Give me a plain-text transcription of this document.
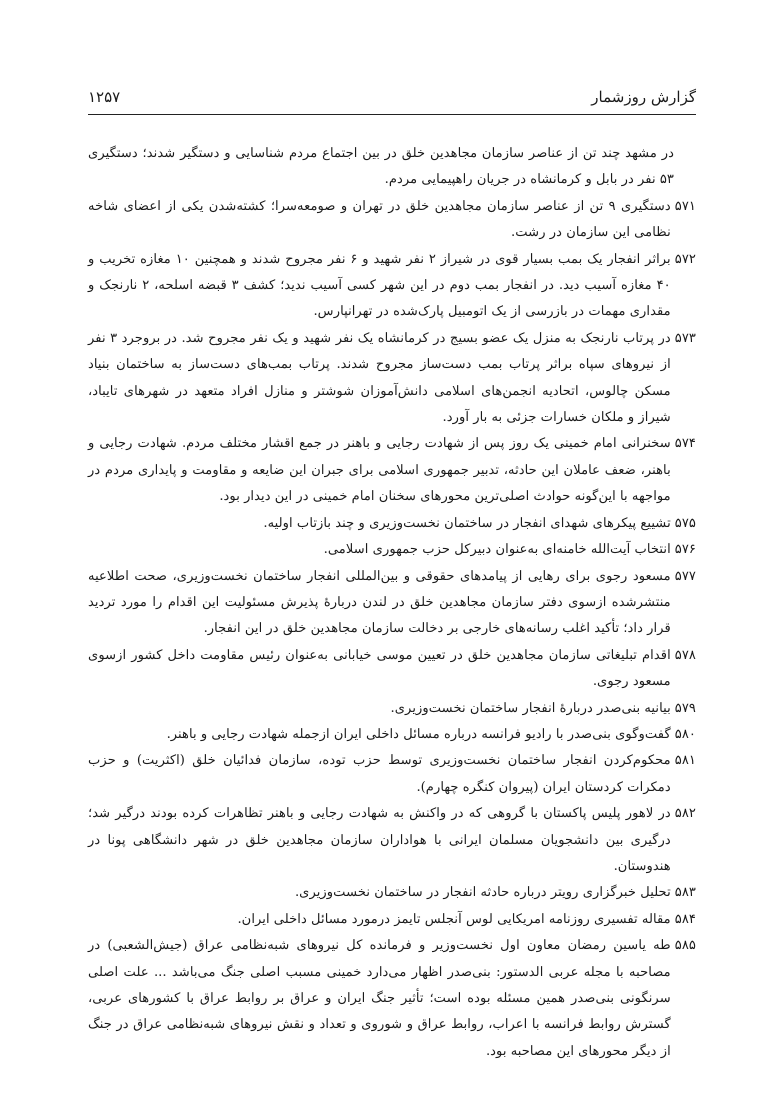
گزارش روزشمار
۱۲۵۷
در مشهد چند تن از عناصر سازمان مجاهدین خلق در بین اجتماع مردم شناسایی و دستگیر شدند؛ دستگیری ۵۳ نفر در بابل و کرمانشاه در جریان راهپیمایی مردم.
۵۷۱
دستگیری ۹ تن از عناصر سازمان مجاهدین خلق در تهران و صومعه‌سرا؛ کشته‌شدن یکی از اعضای شاخه نظامی این سازمان در رشت.
۵۷۲
براثر انفجار یک بمب بسیار قوی در شیراز ۲ نفر شهید و ۶ نفر مجروح شدند و همچنین ۱۰ مغازه تخریب و ۴۰ مغازه آسیب دید. در انفجار بمب دوم در این شهر کسی آسیب ندید؛ کشف ۳ قبضه اسلحه، ۲ نارنجک و مقداری مهمات در بازرسی از یک اتومبیل پارک‌شده در تهرانپارس.
۵۷۳
در پرتاب نارنجک به منزل یک عضو بسیج در کرمانشاه یک نفر شهید و یک نفر مجروح شد. در بروجرد ۳ نفر از نیروهای سپاه براثر پرتاب بمب دست‌ساز مجروح شدند. پرتاب بمب‌های دست‌ساز به ساختمان بنیاد مسکن چالوس، اتحادیه انجمن‌های اسلامی دانش‌آموزان شوشتر و منازل افراد متعهد در شهرهای تایباد، شیراز و ملکان خسارات جزئی به بار آورد.
۵۷۴
سخنرانی امام خمینی یک روز پس از شهادت رجایی و باهنر در جمع اقشار مختلف مردم. شهادت رجایی و باهنر، ضعف عاملان این حادثه، تدبیر جمهوری اسلامی برای جبران این ضایعه و مقاومت و پایداری مردم در مواجهه با این‌گونه حوادث اصلی‌ترین محورهای سخنان امام خمینی در این دیدار بود.
۵۷۵
تشییع پیکرهای شهدای انفجار در ساختمان نخست‌وزیری و چند بازتاب اولیه.
۵۷۶
انتخاب آیت‌الله خامنه‌ای به‌عنوان دبیرکل حزب جمهوری اسلامی.
۵۷۷
مسعود رجوی برای رهایی از پیامدهای حقوقی و بین‌المللی انفجار ساختمان نخست‌وزیری، صحت اطلاعیه منتشرشده ازسوی دفتر سازمان مجاهدین خلق در لندن دربارهٔ پذیرش مسئولیت این اقدام را مورد تردید قرار داد؛ تأکید اغلب رسانه‌های خارجی بر دخالت سازمان مجاهدین خلق در این انفجار.
۵۷۸
اقدام تبلیغاتی سازمان مجاهدین خلق در تعیین موسی خیابانی به‌عنوان رئیس مقاومت داخل کشور ازسوی مسعود رجوی.
۵۷۹
بیانیه بنی‌صدر دربارهٔ انفجار ساختمان نخست‌وزیری.
۵۸۰
گفت‌وگوی بنی‌صدر با رادیو فرانسه درباره مسائل داخلی ایران ازجمله شهادت رجایی و باهنر.
۵۸۱
محکوم‌کردن انفجار ساختمان نخست‌وزیری توسط حزب توده، سازمان فدائیان خلق (اکثریت) و حزب دمکرات کردستان ایران (پیروان کنگره چهارم).
۵۸۲
در لاهور پلیس پاکستان با گروهی که در واکنش به شهادت رجایی و باهنر تظاهرات کرده بودند درگیر شد؛ درگیری بین دانشجویان مسلمان ایرانی با هواداران سازمان مجاهدین خلق در شهر دانشگاهی پونا در هندوستان.
۵۸۳
تحلیل خبرگزاری رویتر درباره حادثه انفجار در ساختمان نخست‌وزیری.
۵۸۴
مقاله تفسیری روزنامه امریکایی لوس آنجلس تایمز درمورد مسائل داخلی ایران.
۵۸۵
طه یاسین رمضان معاون اول نخست‌وزیر و فرمانده کل نیروهای شبه‌نظامی عراق (جیش‌الشعبی) در مصاحبه با مجله عربی الدستور: بنی‌صدر اظهار می‌دارد خمینی مسبب اصلی جنگ می‌باشد ... علت اصلی سرنگونی بنی‌صدر همین مسئله بوده است؛ تأثیر جنگ ایران و عراق بر روابط عراق با کشورهای عربی، گسترش روابط فرانسه با اعراب، روابط عراق و شوروی و تعداد و نقش نیروهای شبه‌نظامی عراق در جنگ از دیگر محورهای این مصاحبه بود.
